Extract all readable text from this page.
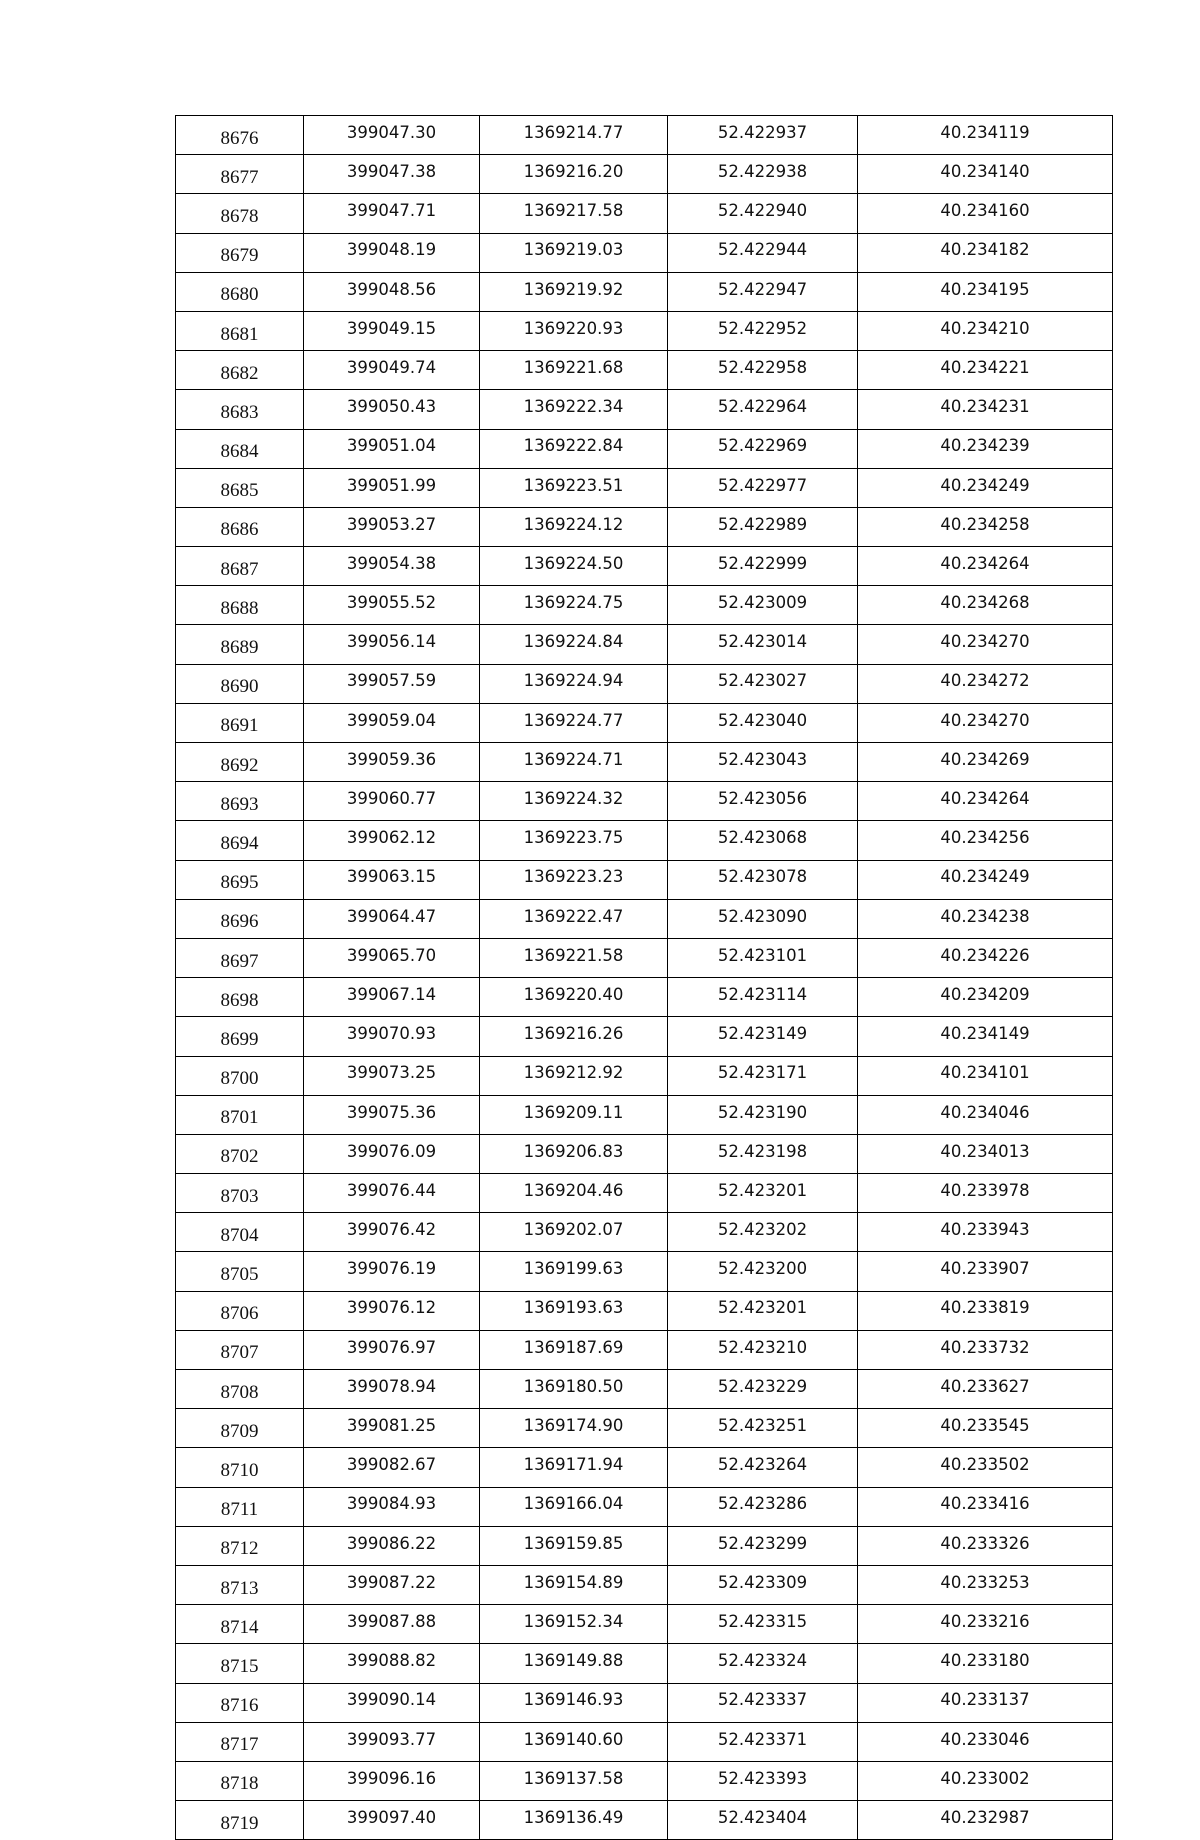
8676	399047.30	1369214.77	52.422937	40.234119
8677	399047.38	1369216.20	52.422938	40.234140
8678	399047.71	1369217.58	52.422940	40.234160
8679	399048.19	1369219.03	52.422944	40.234182
8680	399048.56	1369219.92	52.422947	40.234195
8681	399049.15	1369220.93	52.422952	40.234210
8682	399049.74	1369221.68	52.422958	40.234221
8683	399050.43	1369222.34	52.422964	40.234231
8684	399051.04	1369222.84	52.422969	40.234239
8685	399051.99	1369223.51	52.422977	40.234249
8686	399053.27	1369224.12	52.422989	40.234258
8687	399054.38	1369224.50	52.422999	40.234264
8688	399055.52	1369224.75	52.423009	40.234268
8689	399056.14	1369224.84	52.423014	40.234270
8690	399057.59	1369224.94	52.423027	40.234272
8691	399059.04	1369224.77	52.423040	40.234270
8692	399059.36	1369224.71	52.423043	40.234269
8693	399060.77	1369224.32	52.423056	40.234264
8694	399062.12	1369223.75	52.423068	40.234256
8695	399063.15	1369223.23	52.423078	40.234249
8696	399064.47	1369222.47	52.423090	40.234238
8697	399065.70	1369221.58	52.423101	40.234226
8698	399067.14	1369220.40	52.423114	40.234209
8699	399070.93	1369216.26	52.423149	40.234149
8700	399073.25	1369212.92	52.423171	40.234101
8701	399075.36	1369209.11	52.423190	40.234046
8702	399076.09	1369206.83	52.423198	40.234013
8703	399076.44	1369204.46	52.423201	40.233978
8704	399076.42	1369202.07	52.423202	40.233943
8705	399076.19	1369199.63	52.423200	40.233907
8706	399076.12	1369193.63	52.423201	40.233819
8707	399076.97	1369187.69	52.423210	40.233732
8708	399078.94	1369180.50	52.423229	40.233627
8709	399081.25	1369174.90	52.423251	40.233545
8710	399082.67	1369171.94	52.423264	40.233502
8711	399084.93	1369166.04	52.423286	40.233416
8712	399086.22	1369159.85	52.423299	40.233326
8713	399087.22	1369154.89	52.423309	40.233253
8714	399087.88	1369152.34	52.423315	40.233216
8715	399088.82	1369149.88	52.423324	40.233180
8716	399090.14	1369146.93	52.423337	40.233137
8717	399093.77	1369140.60	52.423371	40.233046
8718	399096.16	1369137.58	52.423393	40.233002
8719	399097.40	1369136.49	52.423404	40.232987
